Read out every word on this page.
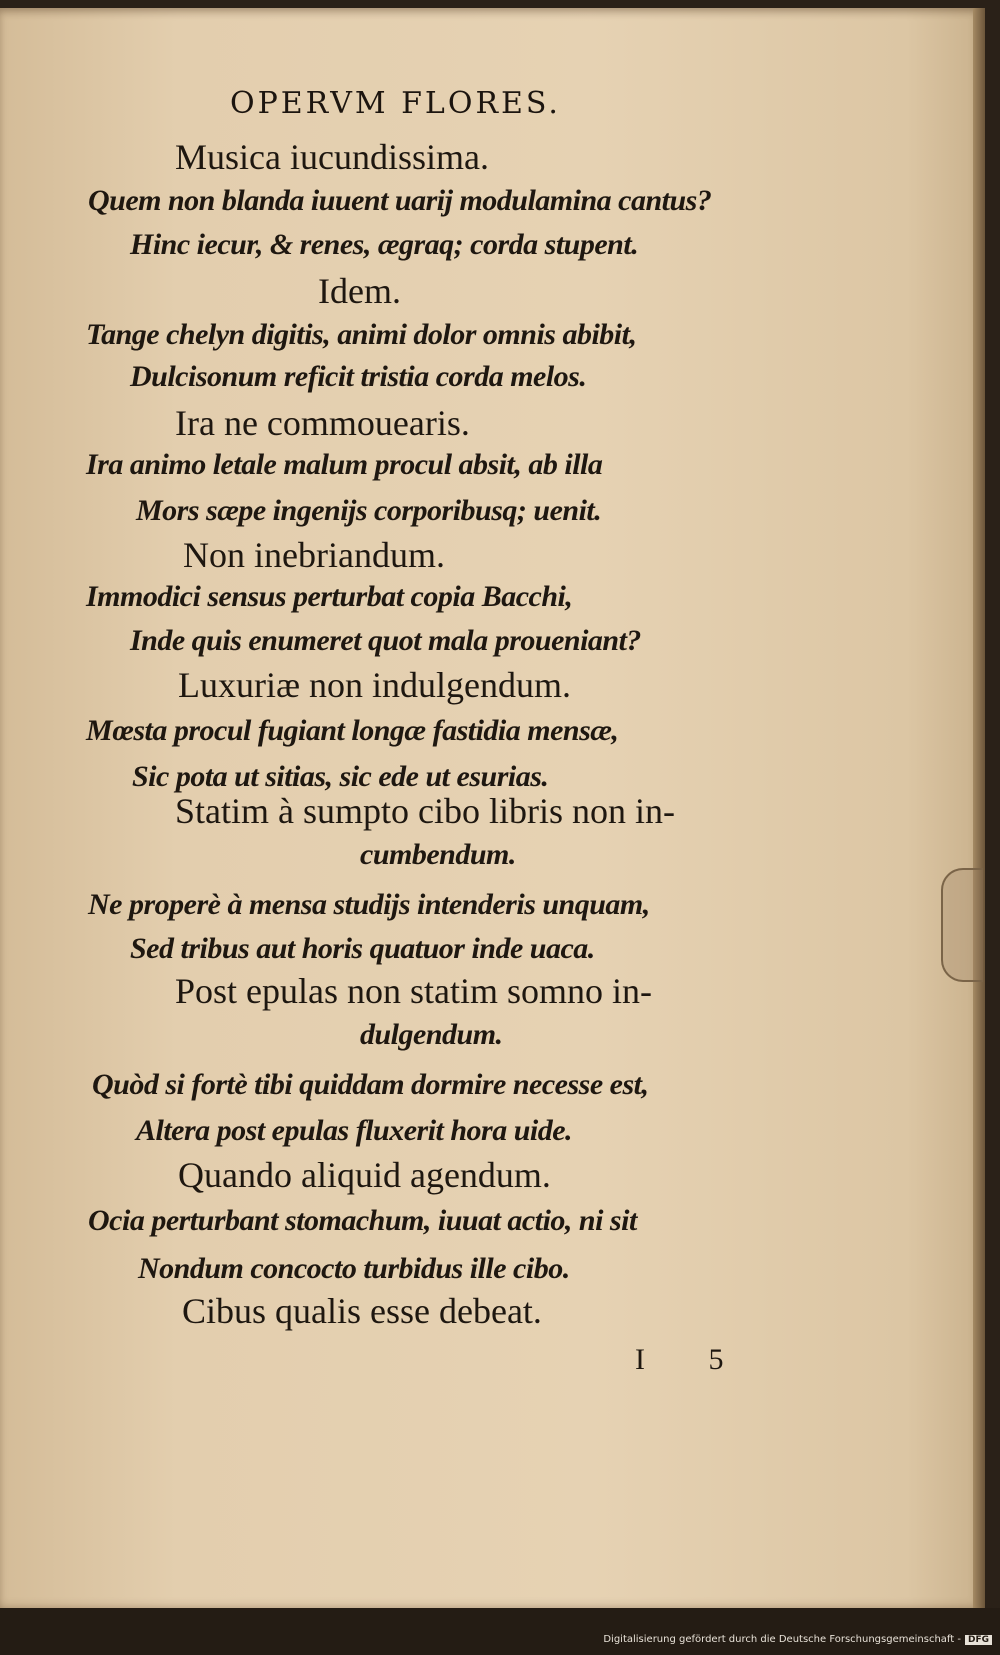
OPERVM FLORES.
Musica iucundissima.
Quem non blanda iuuent uarij modulamina cantus?
Hinc iecur, & renes, ægraq; corda stupent.
Idem.
Tange chelyn digitis, animi dolor omnis abibit,
Dulcisonum reficit tristia corda melos.
Ira ne commouearis.
Ira animo letale malum procul absit, ab illa
Mors sæpe ingenijs corporibusq; uenit.
Non inebriandum.
Immodici sensus perturbat copia Bacchi,
Inde quis enumeret quot mala proueniant?
Luxuriæ non indulgendum.
Mœsta procul fugiant longæ fastidia mensæ,
Sic pota ut sitias, sic ede ut esurias.
Statim à sumpto cibo libris non in-
cumbendum.
Ne properè à mensa studijs intenderis unquam,
Sed tribus aut horis quatuor inde uaca.
Post epulas non statim somno in-
dulgendum.
Quòd si fortè tibi quiddam dormire necesse est,
Altera post epulas fluxerit hora uide.
Quando aliquid agendum.
Ocia perturbant stomachum, iuuat actio, ni sit
Nondum concocto turbidus ille cibo.
Cibus qualis esse debeat.
I 5
Digitalisierung gefördert durch die Deutsche Forschungsgemeinschaft - DFG
